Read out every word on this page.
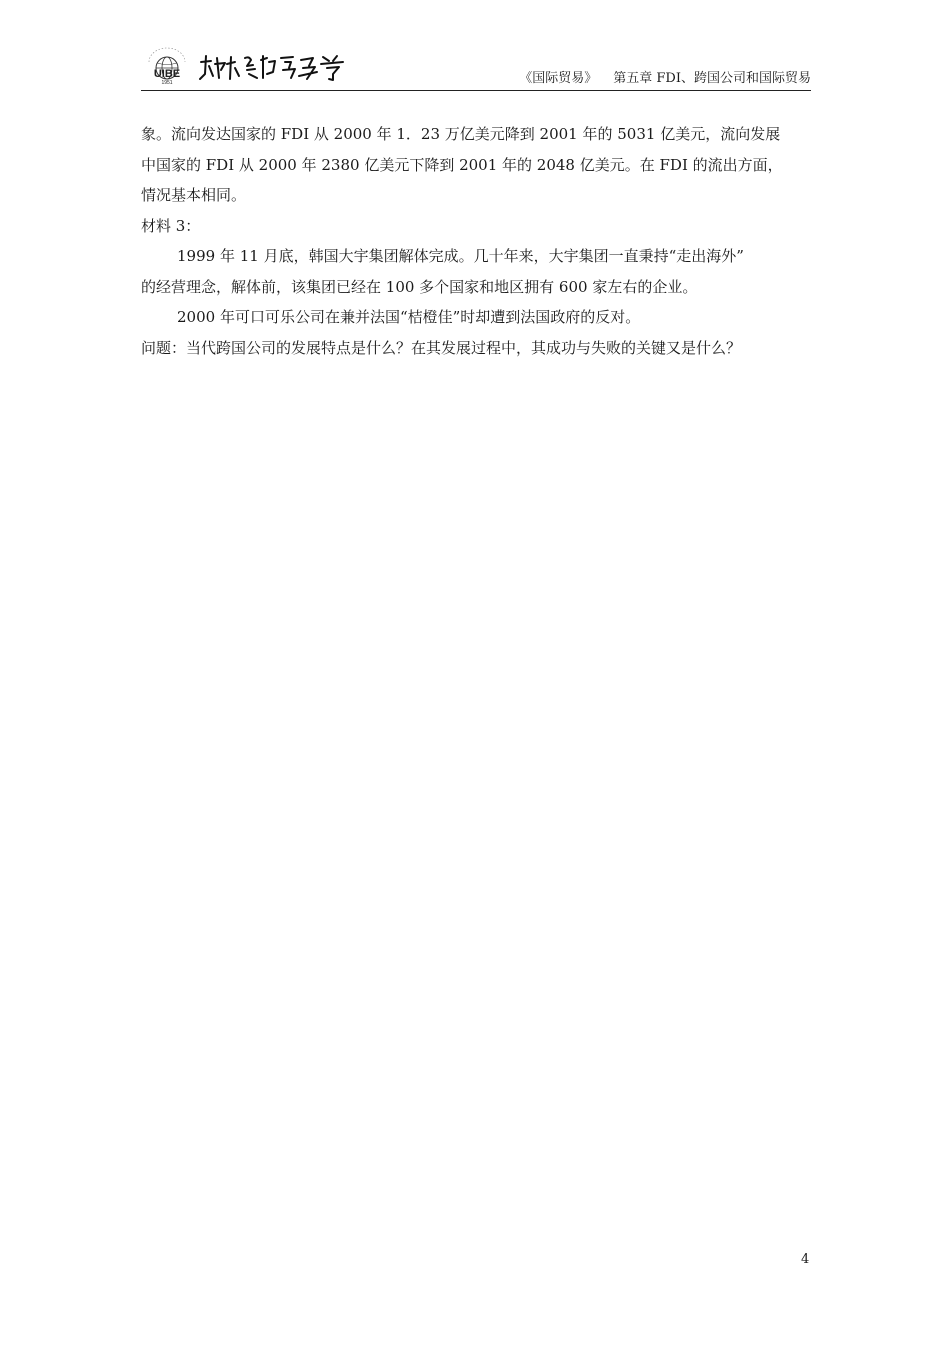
UIBE
1951	《国际贸易》 第五章 FDI、跨国公司和国际贸易

象。流向发达国家的 FDI 从 2000 年 1．23 万亿美元降到 2001 年的 5031 亿美元，流向发展

中国家的 FDI 从 2000 年 2380 亿美元下降到 2001 年的 2048 亿美元。在 FDI 的流出方面，

情况基本相同。

材料 3：

1999 年 11 月底，韩国大宇集团解体完成。几十年来，大宇集团一直秉持“走出海外”

的经营理念，解体前，该集团已经在 100 多个国家和地区拥有 600 家左右的企业。

2000 年可口可乐公司在兼并法国“桔橙佳”时却遭到法国政府的反对。

问题：当代跨国公司的发展特点是什么？在其发展过程中，其成功与失败的关键又是什么？

4
